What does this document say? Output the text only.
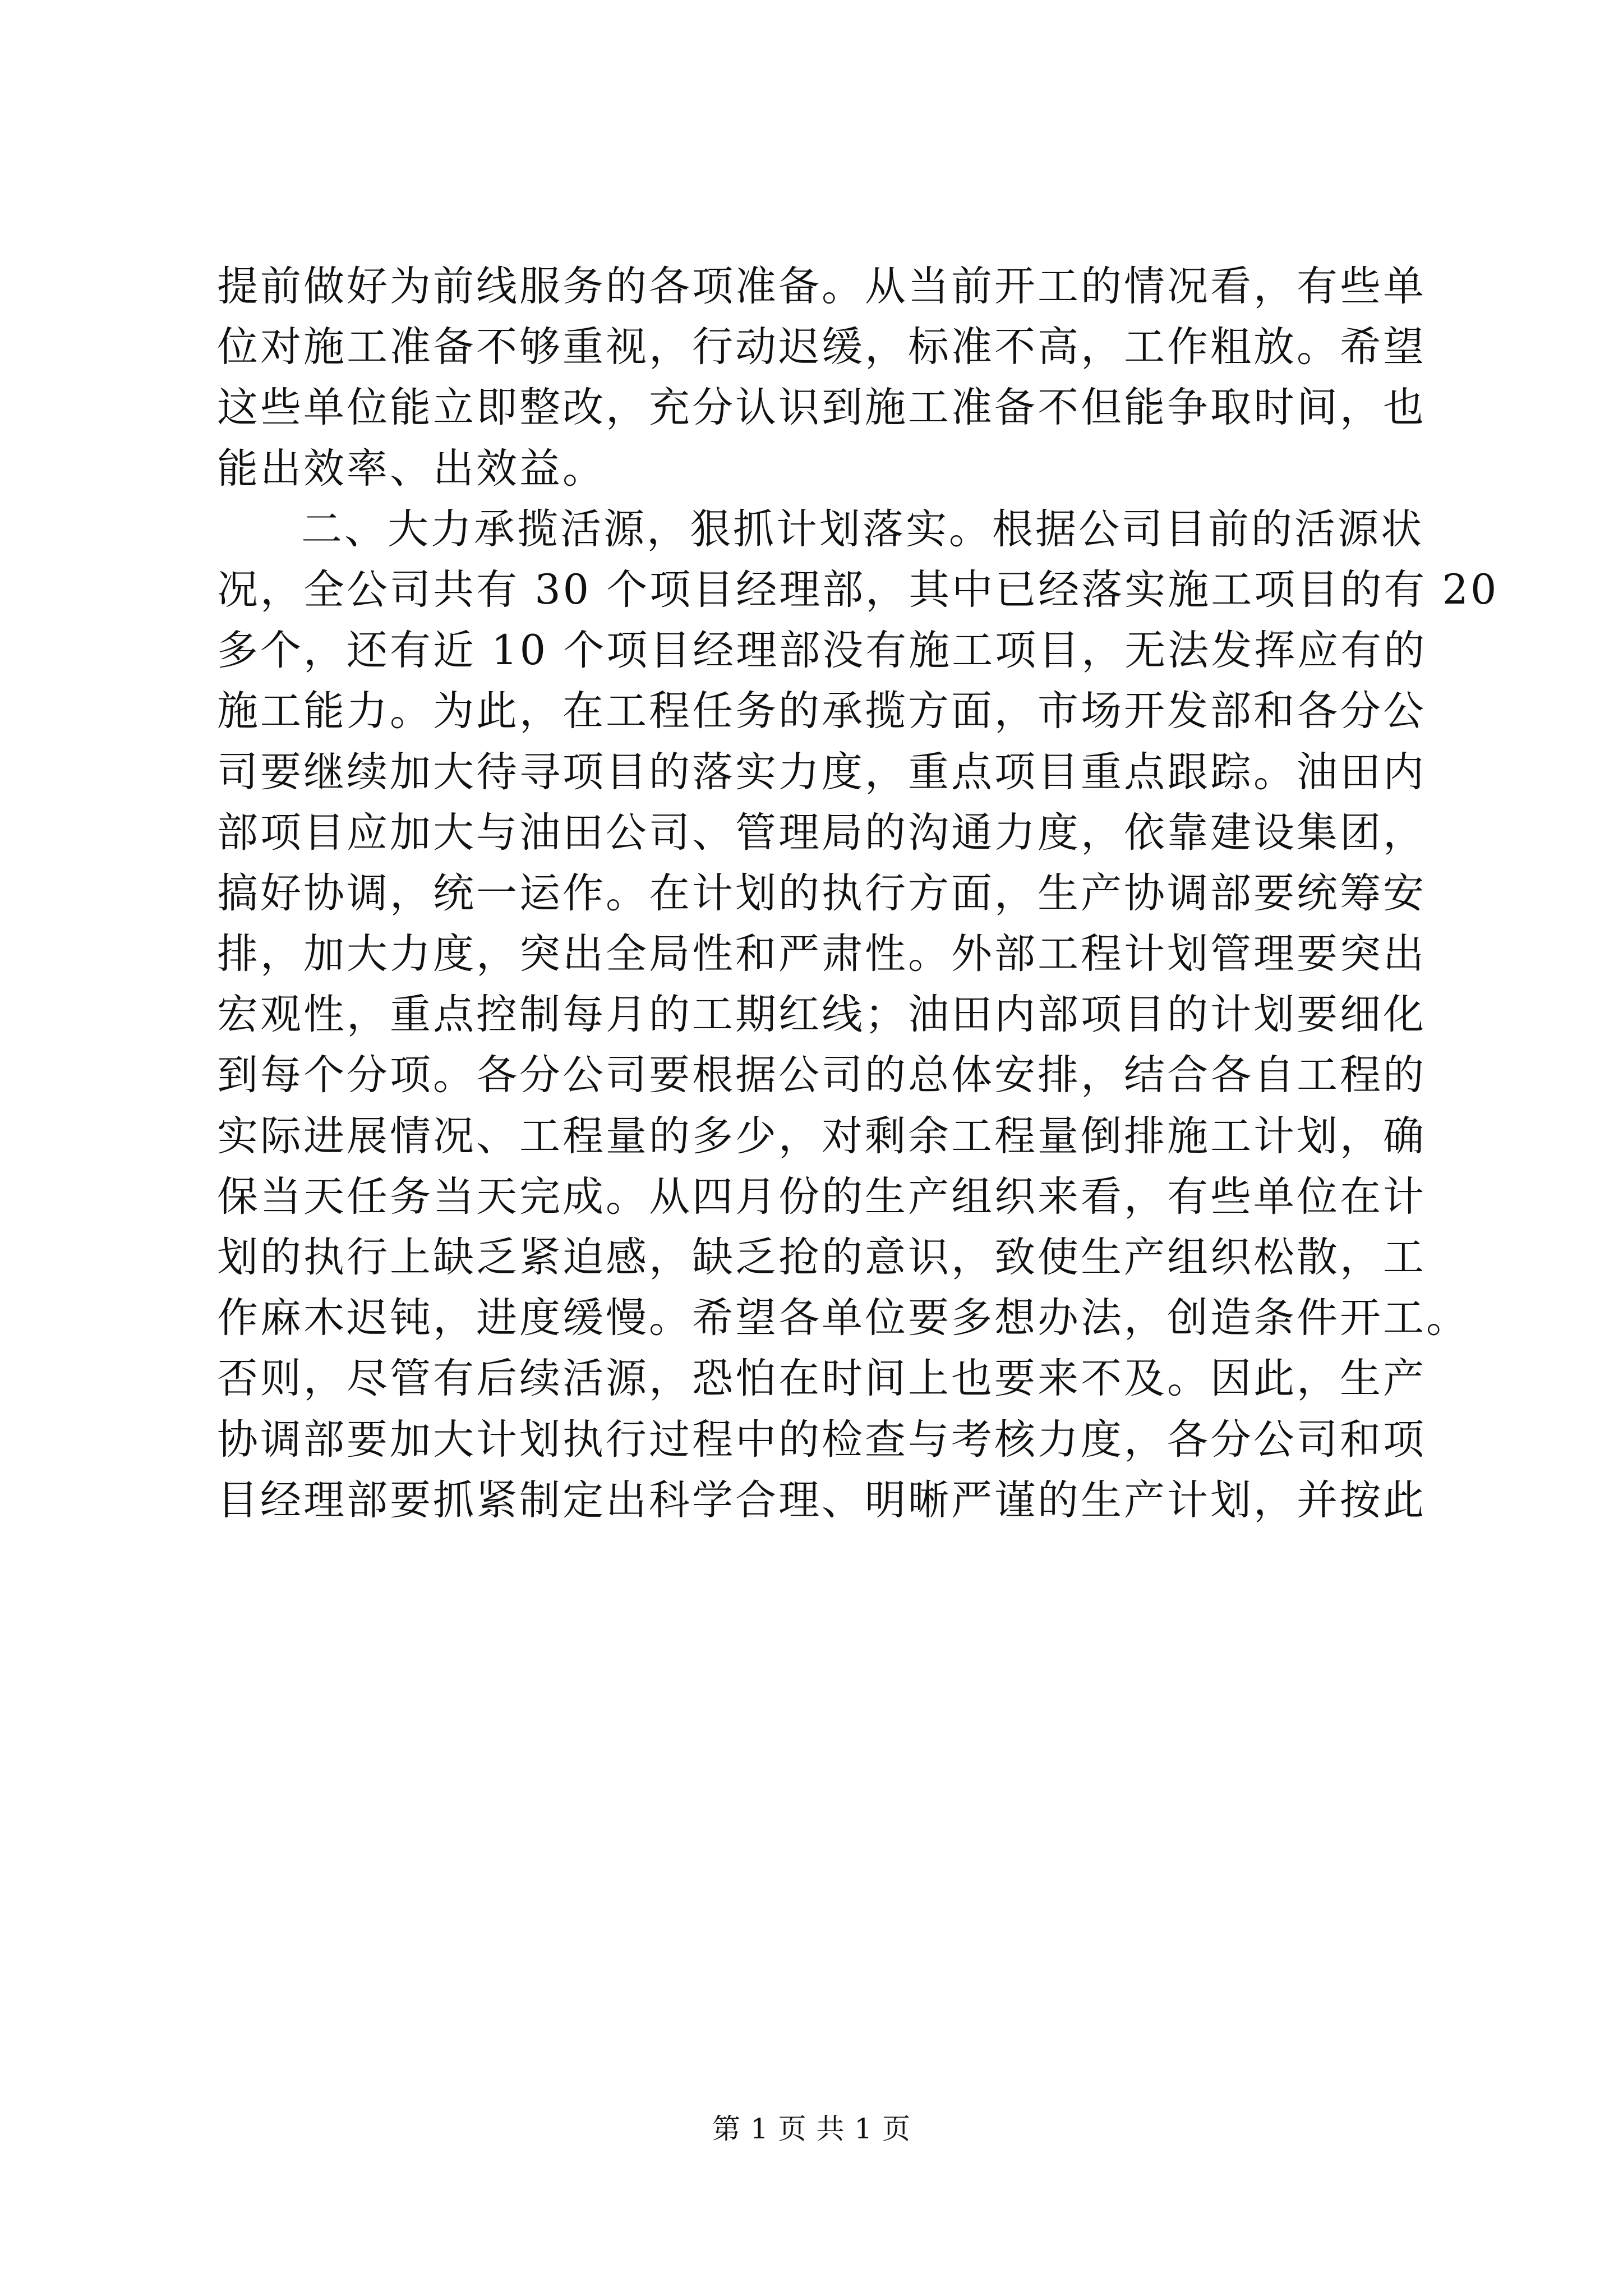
提前做好为前线服务的各项准备。从当前开工的情况看，有些单
位对施工准备不够重视，行动迟缓，标准不高，工作粗放。希望
这些单位能立即整改，充分认识到施工准备不但能争取时间，也
能出效率、出效益。
二、大力承揽活源，狠抓计划落实。根据公司目前的活源状
况，全公司共有 30 个项目经理部，其中已经落实施工项目的有 20
多个，还有近 10 个项目经理部没有施工项目，无法发挥应有的
施工能力。为此，在工程任务的承揽方面，市场开发部和各分公
司要继续加大待寻项目的落实力度，重点项目重点跟踪。油田内
部项目应加大与油田公司、管理局的沟通力度，依靠建设集团，
搞好协调，统一运作。在计划的执行方面，生产协调部要统筹安
排，加大力度，突出全局性和严肃性。外部工程计划管理要突出
宏观性，重点控制每月的工期红线；油田内部项目的计划要细化
到每个分项。各分公司要根据公司的总体安排，结合各自工程的
实际进展情况、工程量的多少，对剩余工程量倒排施工计划，确
保当天任务当天完成。从四月份的生产组织来看，有些单位在计
划的执行上缺乏紧迫感，缺乏抢的意识，致使生产组织松散，工
作麻木迟钝，进度缓慢。希望各单位要多想办法，创造条件开工。
否则，尽管有后续活源，恐怕在时间上也要来不及。因此，生产
协调部要加大计划执行过程中的检查与考核力度，各分公司和项
目经理部要抓紧制定出科学合理、明晰严谨的生产计划，并按此
第 1 页 共 1 页
